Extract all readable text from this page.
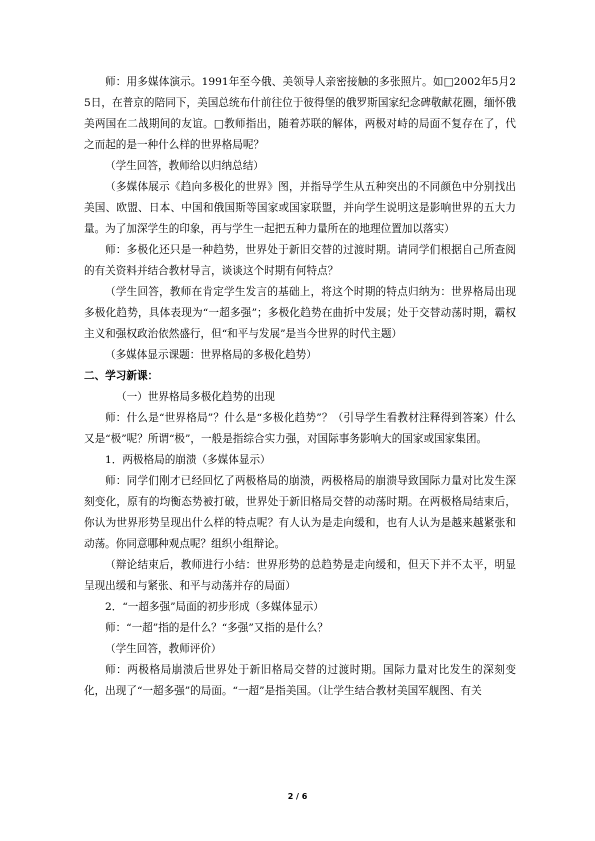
师：用多媒体演示。1991年至今俄、美领导人亲密接触的多张照片。如□2002年5月25日，在普京的陪同下，美国总统布什前往位于彼得堡的俄罗斯国家纪念碑敬献花圈，缅怀俄美两国在二战期间的友谊。□教师指出，随着苏联的解体，两极对峙的局面不复存在了，代之而起的是一种什么样的世界格局呢？

（学生回答，教师给以归纳总结）

（多媒体展示《趋向多极化的世界》图，并指导学生从五种突出的不同颜色中分别找出美国、欧盟、日本、中国和俄国斯等国家或国家联盟，并向学生说明这是影响世界的五大力量。为了加深学生的印象，再与学生一起把五种力量所在的地理位置加以落实）

师：多极化还只是一种趋势，世界处于新旧交替的过渡时期。请同学们根据自己所查阅的有关资料并结合教材导言，谈谈这个时期有何特点？

（学生回答，教师在肯定学生发言的基础上，将这个时期的特点归纳为：世界格局出现多极化趋势，具体表现为“一超多强”；多极化趋势在曲折中发展；处于交替动荡时期，霸权主义和强权政治依然盛行，但“和平与发展”是当今世界的时代主题）

（多媒体显示课题：世界格局的多极化趋势）

二、学习新课：

（一）世界格局多极化趋势的出现

师：什么是“世界格局”？什么是“多极化趋势”？（引导学生看教材注释得到答案）什么又是“极”呢？所谓“极”，一般是指综合实力强，对国际事务影响大的国家或国家集团。

1．两极格局的崩溃（多媒体显示）

师：同学们刚才已经回忆了两极格局的崩溃，两极格局的崩溃导致国际力量对比发生深刻变化，原有的均衡态势被打破，世界处于新旧格局交替的动荡时期。在两极格局结束后，你认为世界形势呈现出什么样的特点呢？有人认为是走向缓和，也有人认为是越来越紧张和动荡。你同意哪种观点呢？组织小组辩论。

（辩论结束后，教师进行小结：世界形势的总趋势是走向缓和，但天下并不太平，明显呈现出缓和与紧张、和平与动荡并存的局面）

2．“一超多强”局面的初步形成（多媒体显示）

师：“一超”指的是什么？“多强”又指的是什么？

（学生回答，教师评价）

师：两极格局崩溃后世界处于新旧格局交替的过渡时期。国际力量对比发生的深刻变化，出现了“一超多强”的局面。“一超”是指美国。（让学生结合教材美国军舰图、有关

2 / 6
